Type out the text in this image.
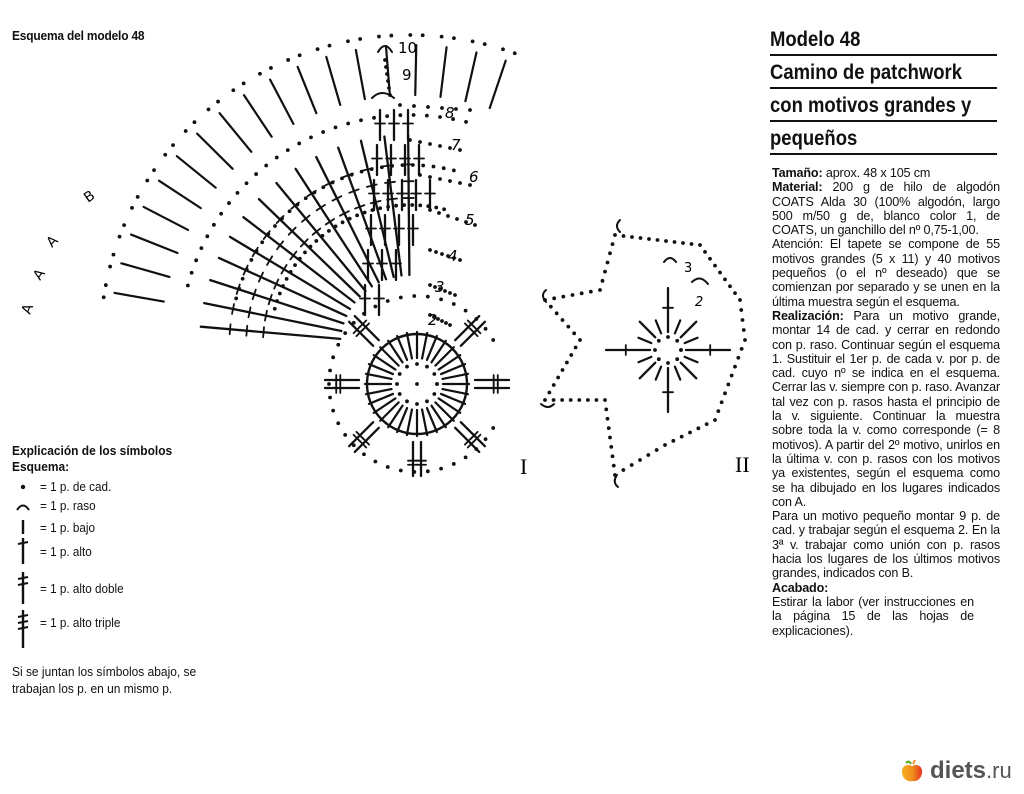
Esquema del modelo 48
10
9
8
7
6
5
4
3
2
A
A
A
B
3
2
I	II
Explicación de los símbolos
Esquema:
= 1 p. de cad.
= 1 p. raso
= 1 p. bajo
= 1 p. alto
= 1 p. alto doble
= 1 p. alto triple
Si se juntan los símbolos abajo, se trabajan los p. en un mismo p.
Modelo 48
Camino de patchwork
con motivos grandes y
pequeños

Tamaño: aprox. 48 x 105 cm

Material: 200 g de hilo de algodón COATS Alda 30 (100% algodón, largo 500 m/50 g de, blanco color 1, de COATS, un ganchillo del nº 0,75-1,00.

Atención: El tapete se compone de 55 motivos grandes (5 x 11) y 40 motivos pequeños (o el nº deseado) que se comienzan por separado y se unen en la última muestra según el esquema.

Realización: Para un motivo grande, montar 14 de cad. y cerrar en redondo con p. raso. Continuar según el esquema 1. Sustituir el 1er p. de cada v. por p. de cad. cuyo nº se indica en el esquema. Cerrar las v. siempre con p. raso. Avanzar tal vez con p. rasos hasta el principio de la v. siguiente. Continuar la muestra sobre toda la v. como corresponde (= 8 motivos). A partir del 2º motivo, unirlos en la última v. con p. rasos con los motivos ya existentes, según el esquema como se ha dibujado en los lugares indicados con A.

Para un motivo pequeño montar 9 p. de cad. y trabajar según el esquema 2. En la 3ª v. trabajar como unión con p. rasos hacia los lugares de los últimos motivos grandes, indicados con B.

Acabado:

Estirar la labor (ver instrucciones en la página 15 de las hojas de explicaciones).

diets.ru
